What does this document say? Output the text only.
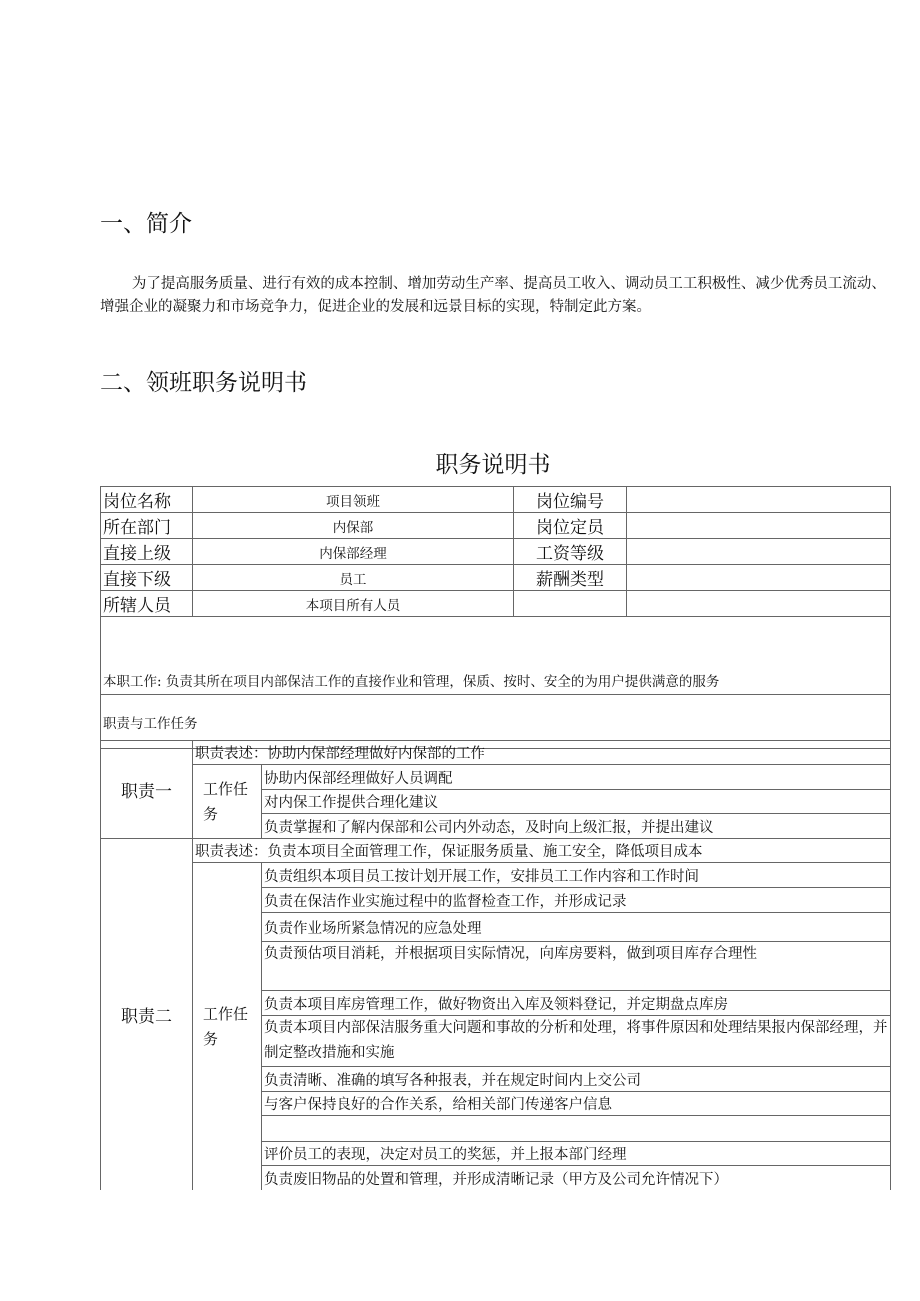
一、简介
为了提高服务质量、进行有效的成本控制、增加劳动生产率、提高员工收入、调动员工工积极性、减少优秀员工流动、增强企业的凝聚力和市场竞争力，促进企业的发展和远景目标的实现，特制定此方案。
二、领班职务说明书
职务说明书
岗位名称	项目领班	岗位编号	
所在部门	内保部	岗位定员	
直接上级	内保部经理	工资等级	
直接下级	员工	薪酬类型	
所辖人员	本项目所有人员		
本职工作: 负责其所在项目内部保洁工作的直接作业和管理，保质、按时、安全的为用户提供满意的服务			
职责与工作任务			
职责一	职责表述：协助内保部经理做好内保部的工作	
	工作任务	协助内保部经理做好人员调配
		对内保工作提供合理化建议
		负责掌握和了解内保部和公司内外动态，及时向上级汇报，并提出建议
职责二	职责表述：负责本项目全面管理工作，保证服务质量、施工安全，降低项目成本	
	工作任务	负责组织本项目员工按计划开展工作，安排员工工作内容和工作时间
		负责在保洁作业实施过程中的监督检查工作，并形成记录
		负责作业场所紧急情况的应急处理
		负责预估项目消耗，并根据项目实际情况，向库房要料，做到项目库存合理性
		负责本项目库房管理工作，做好物资出入库及领料登记，并定期盘点库房
		负责本项目内部保洁服务重大问题和事故的分析和处理，将事件原因和处理结果报内保部经理，并制定整改措施和实施
		负责清晰、准确的填写各种报表，并在规定时间内上交公司
		与客户保持良好的合作关系，给相关部门传递客户信息

		评价员工的表现，决定对员工的奖惩，并上报本部门经理
		负责废旧物品的处置和管理，并形成清晰记录（甲方及公司允许情况下）
